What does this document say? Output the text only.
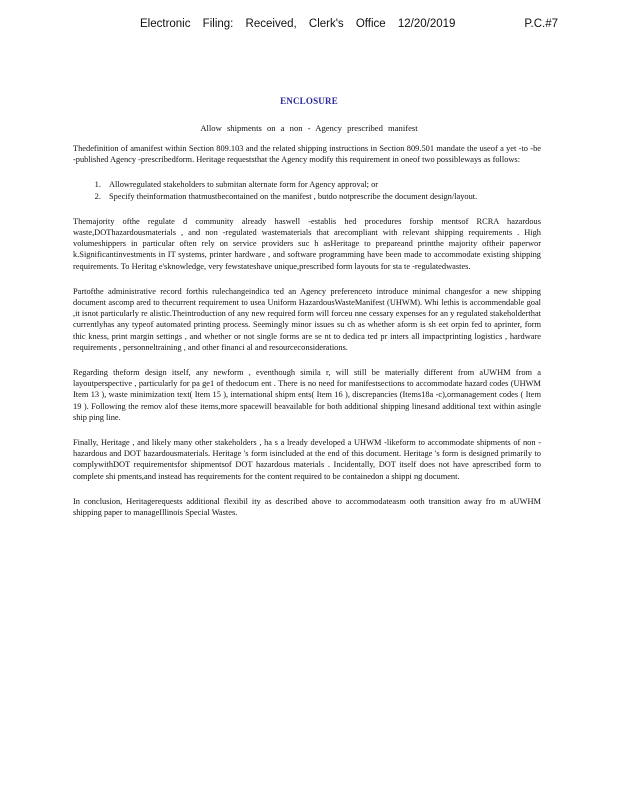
Electronic Filing: Received, Clerk's Office 12/20/2019	P.C.#7
ENCLOSURE
Allow shipments on a non - Agency prescribed manifest

Thedefinition of amanifest within Section 809.103 and the related shipping instructions in Section 809.501 mandate the useof a yet -to -be -published Agency -prescribedform. Heritage requeststhat the Agency modify this requirement in oneof two possibleways as follows:

1. Allowregulated stakeholders to submitan alternate form for Agency approval; or
2. Specify theinformation thatmustbecontained on the manifest , butdo notprescribe the document design/layout.

Themajority ofthe regulate d community already haswell -establis hed procedures forship mentsof RCRA hazardous waste,DOThazardousmaterials , and non -regulated wastematerials that arecompliant with relevant shipping requirements . High volumeshippers in particular often rely on service providers suc h asHeritage to prepareand printthe majority oftheir paperwor k.Significantinvestments in IT systems, printer hardware , and software programming have been made to accommodate existing shipping requirements. To Heritag e'sknowledge, very fewstateshave unique,prescribed form layouts for sta te -regulatedwastes.

Partofthe administrative record forthis rulechangeindica ted an Agency preferenceto introduce minimal changesfor a new shipping document ascomp ared to thecurrent requirement to usea Uniform HazardousWasteManifest (UHWM). Whi lethis is accommendable goal ,it isnot particularly re alistic.Theintroduction of any new required form will forceu nne cessary expenses for an y regulated stakeholderthat currentlyhas any typeof automated printing process. Seemingly minor issues su ch as whether aform is sh eet orpin fed to aprinter, form thic kness, print margin settings , and whether or not single forms are se nt to dedica ted pr inters all impactprinting logistics , hardware requirements , personneltraining , and other financi al and resourceconsiderations.

Regarding theform design itself, any newform , eventhough simila r, will still be materially different from aUWHM from a layoutperspective , particularly for pa ge1 of thedocum ent . There is no need for manifestsections to accommodate hazard codes (UHWM Item 13 ), waste minimization text( Item 15 ), international shipm ents( Item 16 ), discrepancies (Items18a -c),ormanagement codes ( Item 19 ). Following the remov alof these items,more spacewill beavailable for both additional shipping linesand additional text within asingle ship ping line.

Finally, Heritage , and likely many other stakeholders , ha s a lready developed a UHWM -likeform to accommodate shipments of non -hazardous and DOT hazardousmaterials. Heritage 's form isincluded at the end of this document. Heritage 's form is designed primarily to complywithDOT requirementsfor shipmentsof DOT hazardous materials . Incidentally, DOT itself does not have aprescribed form to complete shi pments,and instead has requirements for the content required to be containedon a shippi ng document.

In conclusion, Heritagerequests additional flexibil ity as described above to accommodateasm ooth transition away fro m aUWHM shipping paper to manageIllinois Special Wastes.
